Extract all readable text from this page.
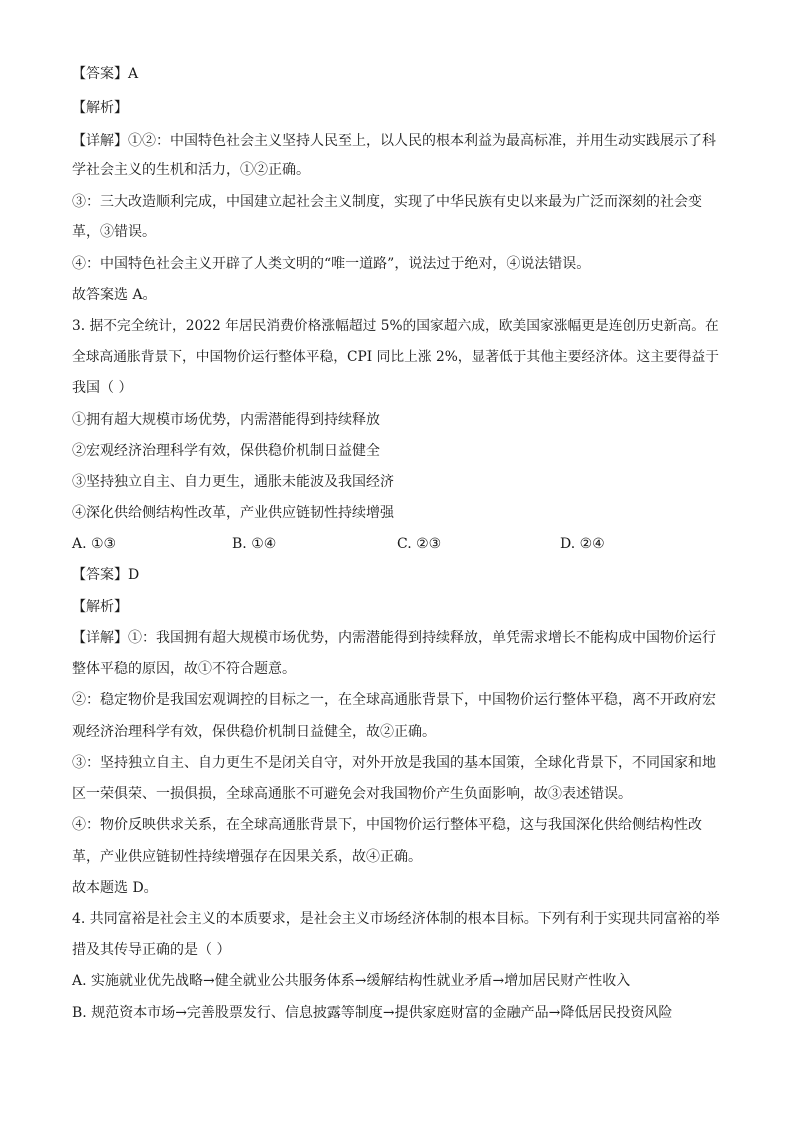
【答案】A
【解析】
【详解】①②：中国特色社会主义坚持人民至上，以人民的根本利益为最高标准，并用生动实践展示了科
学社会主义的生机和活力，①②正确。
③：三大改造顺利完成，中国建立起社会主义制度，实现了中华民族有史以来最为广泛而深刻的社会变
革，③错误。
④：中国特色社会主义开辟了人类文明的“唯一道路”，说法过于绝对，④说法错误。
故答案选 A。
3. 据不完全统计，2022 年居民消费价格涨幅超过 5%的国家超六成，欧美国家涨幅更是连创历史新高。在
全球高通胀背景下，中国物价运行整体平稳，CPI 同比上涨 2%，显著低于其他主要经济体。这主要得益于
我国（ ）
①拥有超大规模市场优势，内需潜能得到持续释放
②宏观经济治理科学有效，保供稳价机制日益健全
③坚持独立自主、自力更生，通胀未能波及我国经济
④深化供给侧结构性改革，产业供应链韧性持续增强
A. ①③	B. ①④	C. ②③	D. ②④
【答案】D
【解析】
【详解】①：我国拥有超大规模市场优势，内需潜能得到持续释放，单凭需求增长不能构成中国物价运行
整体平稳的原因，故①不符合题意。
②：稳定物价是我国宏观调控的目标之一，在全球高通胀背景下，中国物价运行整体平稳，离不开政府宏
观经济治理科学有效，保供稳价机制日益健全，故②正确。
③：坚持独立自主、自力更生不是闭关自守，对外开放是我国的基本国策，全球化背景下，不同国家和地
区一荣俱荣、一损俱损，全球高通胀不可避免会对我国物价产生负面影响，故③表述错误。
④：物价反映供求关系，在全球高通胀背景下，中国物价运行整体平稳，这与我国深化供给侧结构性改
革，产业供应链韧性持续增强存在因果关系，故④正确。
故本题选 D。
4. 共同富裕是社会主义的本质要求，是社会主义市场经济体制的根本目标。下列有利于实现共同富裕的举
措及其传导正确的是（ ）
A. 实施就业优先战略→健全就业公共服务体系→缓解结构性就业矛盾→增加居民财产性收入
B. 规范资本市场→完善股票发行、信息披露等制度→提供家庭财富的金融产品→降低居民投资风险
